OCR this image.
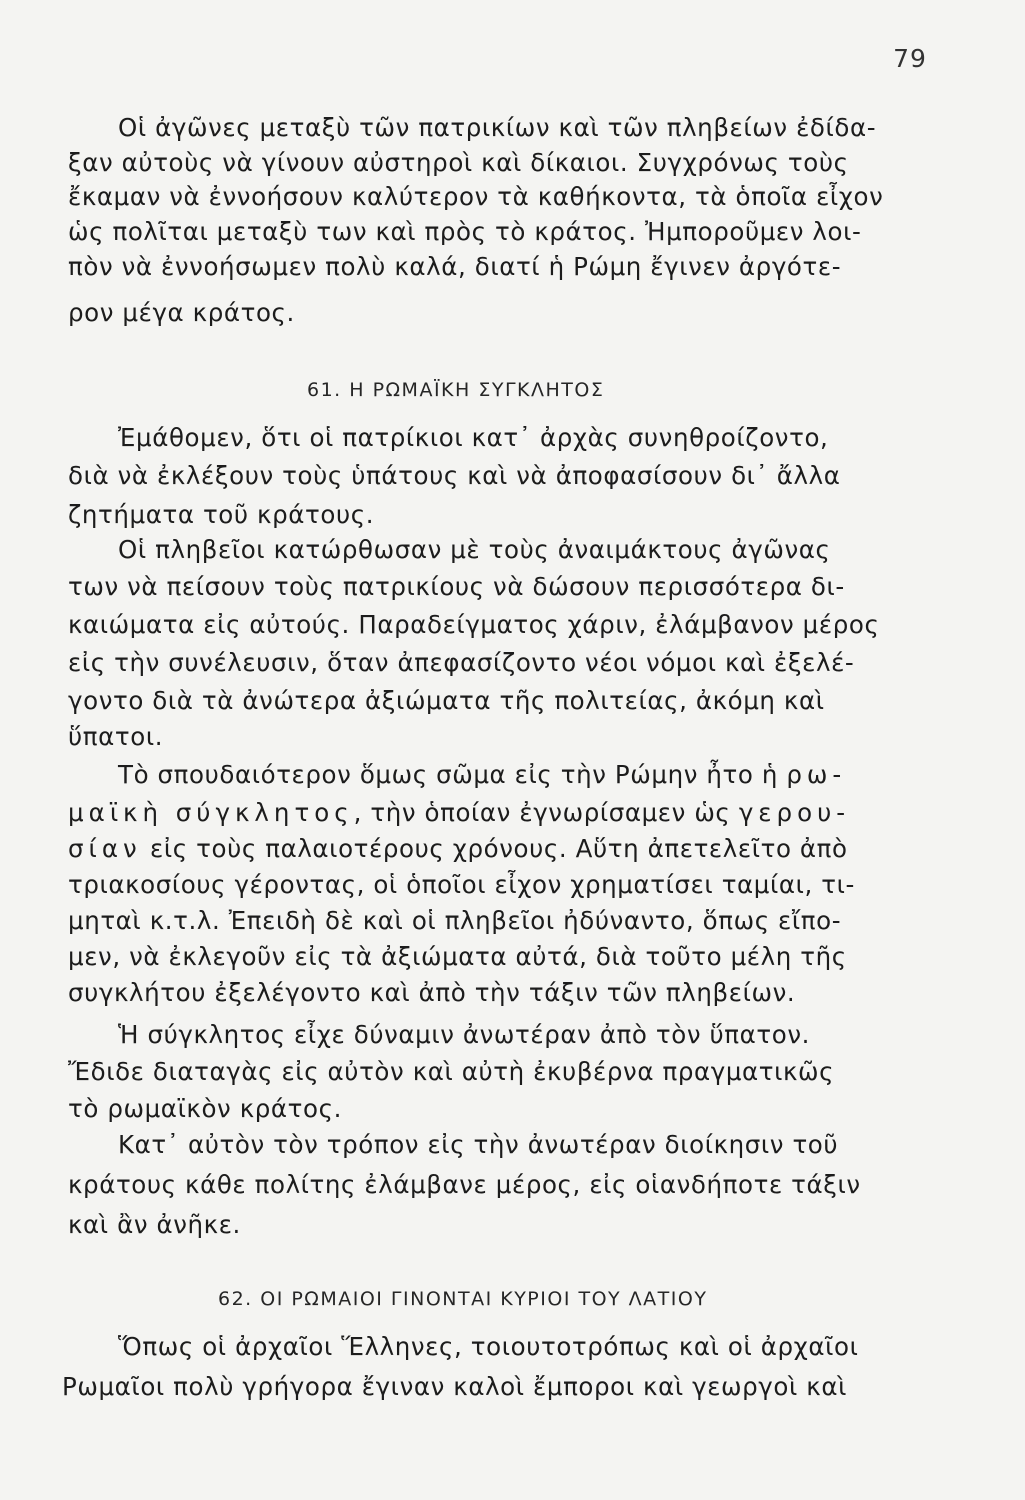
79
Οἱ ἀγῶνες μεταξὺ τῶν πατρικίων καὶ τῶν πληβείων ἐδίδα-
ξαν αὐτοὺς νὰ γίνουν αὐστηροὶ καὶ δίκαιοι. Συγχρόνως τοὺς
ἔκαμαν νὰ ἐννοήσουν καλύτερον τὰ καθήκοντα, τὰ ὁποῖα εἶχον
ὡς πολῖται μεταξὺ των καὶ πρὸς τὸ κράτος. Ἠμποροῦμεν λοι-
πὸν νὰ ἐννοήσωμεν πολὺ καλά, διατί ἡ Ρώμη ἔγινεν ἀργότε-
ρον μέγα κράτος.
61. Η ΡΩΜΑΪΚΗ ΣΥΓΚΛΗΤΟΣ
Ἐμάθομεν, ὅτι οἱ πατρίκιοι κατ᾽ ἀρχὰς συνηθροίζοντο,
διὰ νὰ ἐκλέξουν τοὺς ὑπάτους καὶ νὰ ἀποφασίσουν δι᾽ ἄλλα
ζητήματα τοῦ κράτους.
Οἱ πληβεῖοι κατώρθωσαν μὲ τοὺς ἀναιμάκτους ἀγῶνας
των νὰ πείσουν τοὺς πατρικίους νὰ δώσουν περισσότερα δι-
καιώματα εἰς αὐτούς. Παραδείγματος χάριν, ἐλάμβανον μέρος
εἰς τὴν συνέλευσιν, ὅταν ἀπεφασίζοντο νέοι νόμοι καὶ ἐξελέ-
γοντο διὰ τὰ ἀνώτερα ἀξιώματα τῆς πολιτείας, ἀκόμη καὶ
ὕπατοι.
Τὸ σπουδαιότερον ὅμως σῶμα εἰς τὴν Ρώμην ἦτο ἡ ρω-
μαϊκὴ σύγκλητος, τὴν ὁποίαν ἐγνωρίσαμεν ὡς γερου-
σίαν εἰς τοὺς παλαιοτέρους χρόνους. Αὕτη ἀπετελεῖτο ἀπὸ
τριακοσίους γέροντας, οἱ ὁποῖοι εἶχον χρηματίσει ταμίαι, τι-
μηταὶ κ.τ.λ. Ἐπειδὴ δὲ καὶ οἱ πληβεῖοι ἠδύναντο, ὅπως εἴπο-
μεν, νὰ ἐκλεγοῦν εἰς τὰ ἀξιώματα αὐτά, διὰ τοῦτο μέλη τῆς
συγκλήτου ἐξελέγοντο καὶ ἀπὸ τὴν τάξιν τῶν πληβείων.
Ἡ σύγκλητος εἶχε δύναμιν ἀνωτέραν ἀπὸ τὸν ὕπατον.
Ἔδιδε διαταγὰς εἰς αὐτὸν καὶ αὐτὴ ἐκυβέρνα πραγματικῶς
τὸ ρωμαϊκὸν κράτος.
Κατ᾽ αὐτὸν τὸν τρόπον εἰς τὴν ἀνωτέραν διοίκησιν τοῦ
κράτους κάθε πολίτης ἐλάμβανε μέρος, εἰς οἱανδήποτε τάξιν
καὶ ἂν ἀνῆκε.
62. ΟΙ ΡΩΜΑΙΟΙ ΓΙΝΟΝΤΑΙ ΚΥΡΙΟΙ ΤΟΥ ΛΑΤΙΟΥ
Ὅπως οἱ ἀρχαῖοι Ἕλληνες, τοιουτοτρόπως καὶ οἱ ἀρχαῖοι
Ρωμαῖοι πολὺ γρήγορα ἔγιναν καλοὶ ἔμποροι καὶ γεωργοὶ καὶ
